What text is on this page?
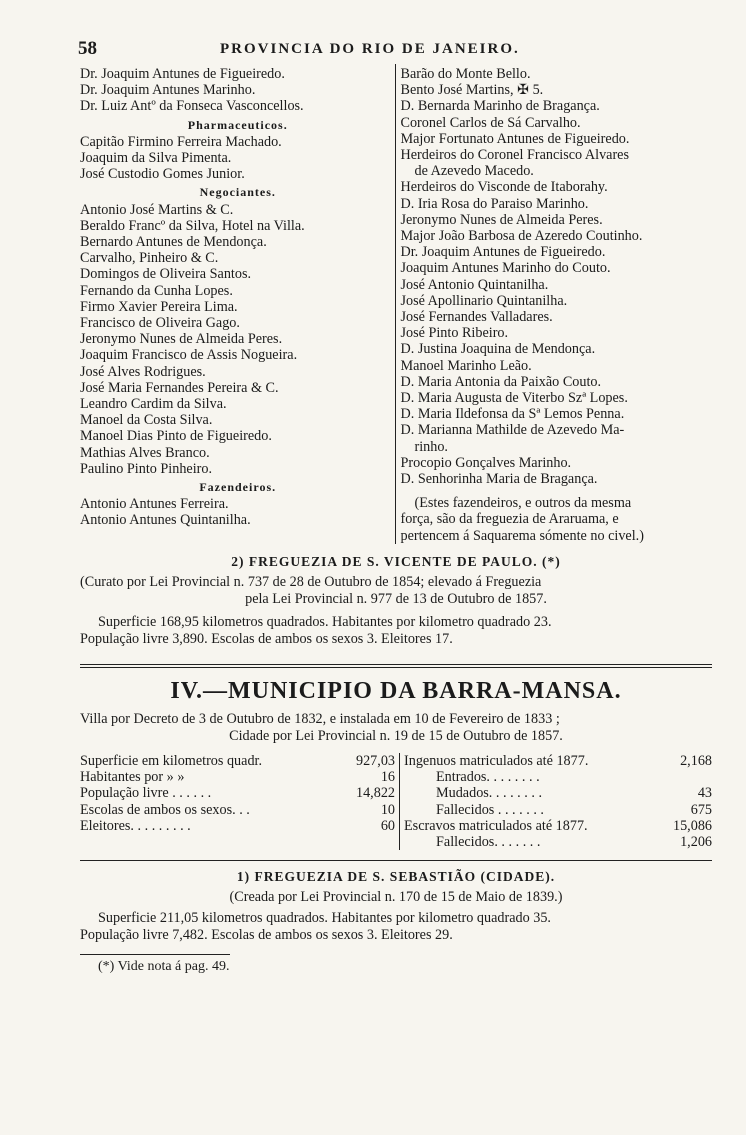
58	PROVINCIA DO RIO DE JANEIRO.
Dr. Joaquim Antunes de Figueiredo.
Dr. Joaquim Antunes Marinho.
Dr. Luiz Antº da Fonseca Vasconcellos.
Pharmaceuticos.
Capitão Firmino Ferreira Machado.
Joaquim da Silva Pimenta.
José Custodio Gomes Junior.
Negociantes.
Antonio José Martins & C.
Beraldo Francº da Silva, Hotel na Villa.
Bernardo Antunes de Mendonça.
Carvalho, Pinheiro & C.
Domingos de Oliveira Santos.
Fernando da Cunha Lopes.
Firmo Xavier Pereira Lima.
Francisco de Oliveira Gago.
Jeronymo Nunes de Almeida Peres.
Joaquim Francisco de Assis Nogueira.
José Alves Rodrigues.
José Maria Fernandes Pereira & C.
Leandro Cardim da Silva.
Manoel da Costa Silva.
Manoel Dias Pinto de Figueiredo.
Mathias Alves Branco.
Paulino Pinto Pinheiro.
Fazendeiros.
Antonio Antunes Ferreira.
Antonio Antunes Quintanilha.
Barão do Monte Bello.
Bento José Martins, ✠ 5.
D. Bernarda Marinho de Bragança.
Coronel Carlos de Sá Carvalho.
Major Fortunato Antunes de Figueiredo.
Herdeiros do Coronel Francisco Alvares
de Azevedo Macedo.
Herdeiros do Visconde de Itaborahy.
D. Iria Rosa do Paraiso Marinho.
Jeronymo Nunes de Almeida Peres.
Major João Barbosa de Azeredo Coutinho.
Dr. Joaquim Antunes de Figueiredo.
Joaquim Antunes Marinho do Couto.
José Antonio Quintanilha.
José Apollinario Quintanilha.
José Fernandes Valladares.
José Pinto Ribeiro.
D. Justina Joaquina de Mendonça.
Manoel Marinho Leão.
D. Maria Antonia da Paixão Couto.
D. Maria Augusta de Viterbo Szª Lopes.
D. Maria Ildefonsa da Sª Lemos Penna.
D. Marianna Mathilde de Azevedo Ma-
rinho.
Procopio Gonçalves Marinho.
D. Senhorinha Maria de Bragança.
(Estes fazendeiros, e outros da mesma
força, são da freguezia de Araruama, e
pertencem á Saquarema sómente no civel.)
2) FREGUEZIA DE S. VICENTE DE PAULO. (*)
(Curato por Lei Provincial n. 737 de 28 de Outubro de 1854; elevado á Freguezia
pela Lei Provincial n. 977 de 13 de Outubro de 1857.
Superficie 168,95 kilometros quadrados. Habitantes por kilometro quadrado 23.
População livre 3,890. Escolas de ambos os sexos 3. Eleitores 17.
IV.—MUNICIPIO DA BARRA-MANSA.
Villa por Decreto de 3 de Outubro de 1832, e instalada em 10 de Fevereiro de 1833 ;
Cidade por Lei Provincial n. 19 de 15 de Outubro de 1857.
Superficie em kilometros quadr.	927,03
Habitantes por » »	16
População livre . . . . . .	14,822
Escolas de ambos os sexos. . .	10
Eleitores. . . . . . . . .	60
Ingenuos matriculados até 1877.	2,168
Entrados. . . . . . . .
Mudados. . . . . . . .	43
Fallecidos . . . . . . .	675
Escravos matriculados até 1877.	15,086
Fallecidos. . . . . . .	1,206
1) FREGUEZIA DE S. SEBASTIÃO (CIDADE).
(Creada por Lei Provincial n. 170 de 15 de Maio de 1839.)
Superficie 211,05 kilometros quadrados. Habitantes por kilometro quadrado 35.
População livre 7,482. Escolas de ambos os sexos 3. Eleitores 29.
(*) Vide nota á pag. 49.
